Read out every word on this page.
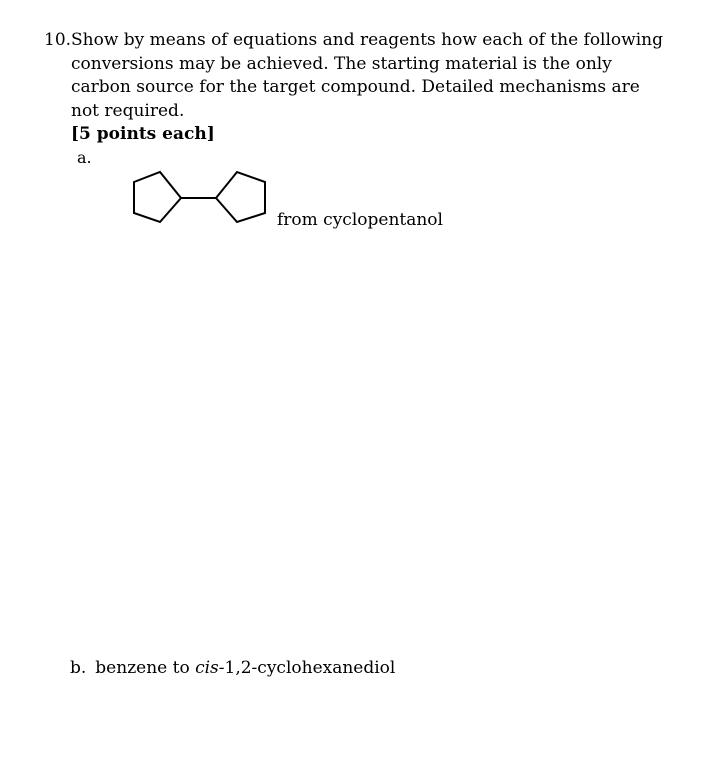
10. Show by means of equations and reagents how each of the following conversions may be achieved. The starting material is the only carbon source for the target compound. Detailed mechanisms are not required.
[5 points each]
a.
from cyclopentanol
b. benzene to cis-1,2-cyclohexanediol
